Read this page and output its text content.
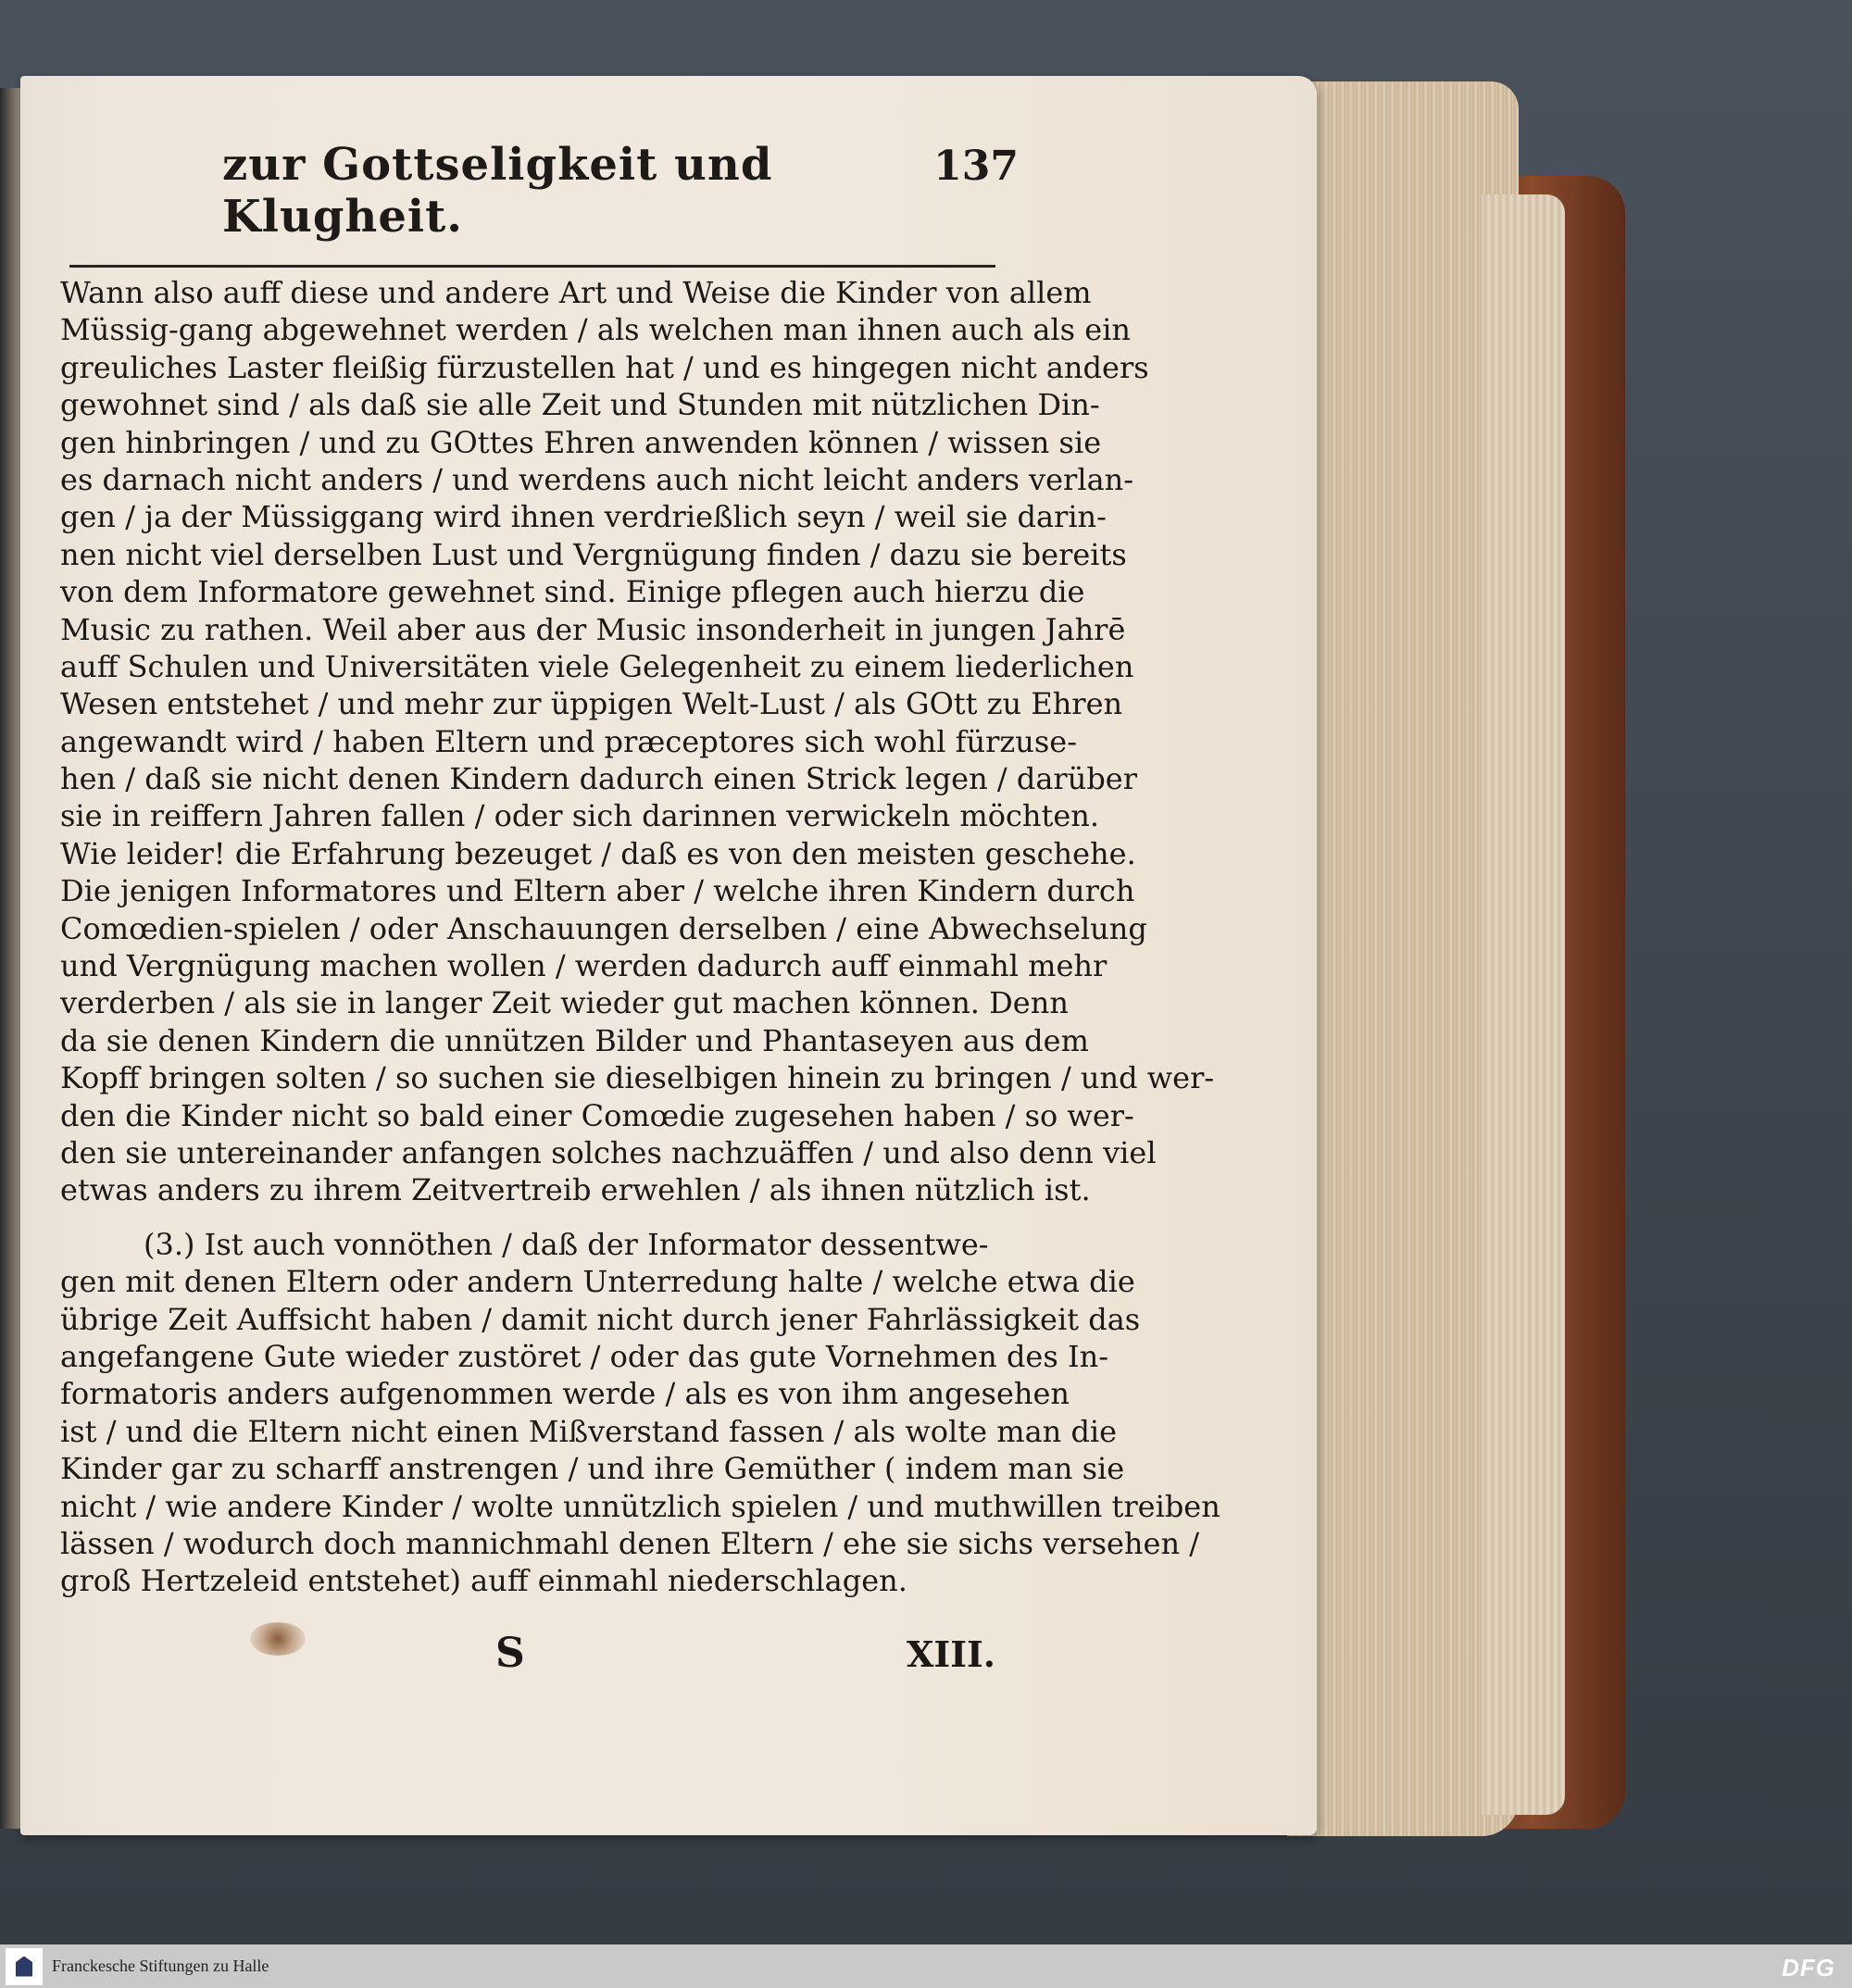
zur Gottseligkeit und Klugheit.
137
Wann also auff diese und andere Art und Weise die Kinder von allem
Müssig-gang abgewehnet werden / als welchen man ihnen auch als ein
greuliches Laster fleißig fürzustellen hat / und es hingegen nicht anders
gewohnet sind / als daß sie alle Zeit und Stunden mit nützlichen Din-
gen hinbringen / und zu GOttes Ehren anwenden können / wissen sie
es darnach nicht anders / und werdens auch nicht leicht anders verlan-
gen / ja der Müssiggang wird ihnen verdrießlich seyn / weil sie darin-
nen nicht viel derselben Lust und Vergnügung finden / dazu sie bereits
von dem Informatore gewehnet sind. Einige pflegen auch hierzu die
Music zu rathen. Weil aber aus der Music insonderheit in jungen Jahrē
auff Schulen und Universitäten viele Gelegenheit zu einem liederlichen
Wesen entstehet / und mehr zur üppigen Welt-Lust / als GOtt zu Ehren
angewandt wird / haben Eltern und præceptores sich wohl fürzuse-
hen / daß sie nicht denen Kindern dadurch einen Strick legen / darüber
sie in reiffern Jahren fallen / oder sich darinnen verwickeln möchten.
Wie leider! die Erfahrung bezeuget / daß es von den meisten geschehe.
Die jenigen Informatores und Eltern aber / welche ihren Kindern durch
Comœdien-spielen / oder Anschauungen derselben / eine Abwechselung
und Vergnügung machen wollen / werden dadurch auff einmahl mehr
verderben / als sie in langer Zeit wieder gut machen können. Denn
da sie denen Kindern die unnützen Bilder und Phantaseyen aus dem
Kopff bringen solten / so suchen sie dieselbigen hinein zu bringen / und wer-
den die Kinder nicht so bald einer Comœdie zugesehen haben / so wer-
den sie untereinander anfangen solches nachzuäffen / und also denn viel
etwas anders zu ihrem Zeitvertreib erwehlen / als ihnen nützlich ist.
(3.) Ist auch vonnöthen / daß der Informator dessentwe-
gen mit denen Eltern oder andern Unterredung halte / welche etwa die
übrige Zeit Auffsicht haben / damit nicht durch jener Fahrlässigkeit das
angefangene Gute wieder zustöret / oder das gute Vornehmen des In-
formatoris anders aufgenommen werde / als es von ihm angesehen
ist / und die Eltern nicht einen Mißverstand fassen / als wolte man die
Kinder gar zu scharff anstrengen / und ihre Gemüther ( indem man sie
nicht / wie andere Kinder / wolte unnützlich spielen / und muthwillen treiben
lässen / wodurch doch mannichmahl denen Eltern / ehe sie sichs versehen /
groß Hertzeleid entstehet) auff einmahl niederschlagen.
S	XIII.
Franckesche Stiftungen zu Halle	DFG
